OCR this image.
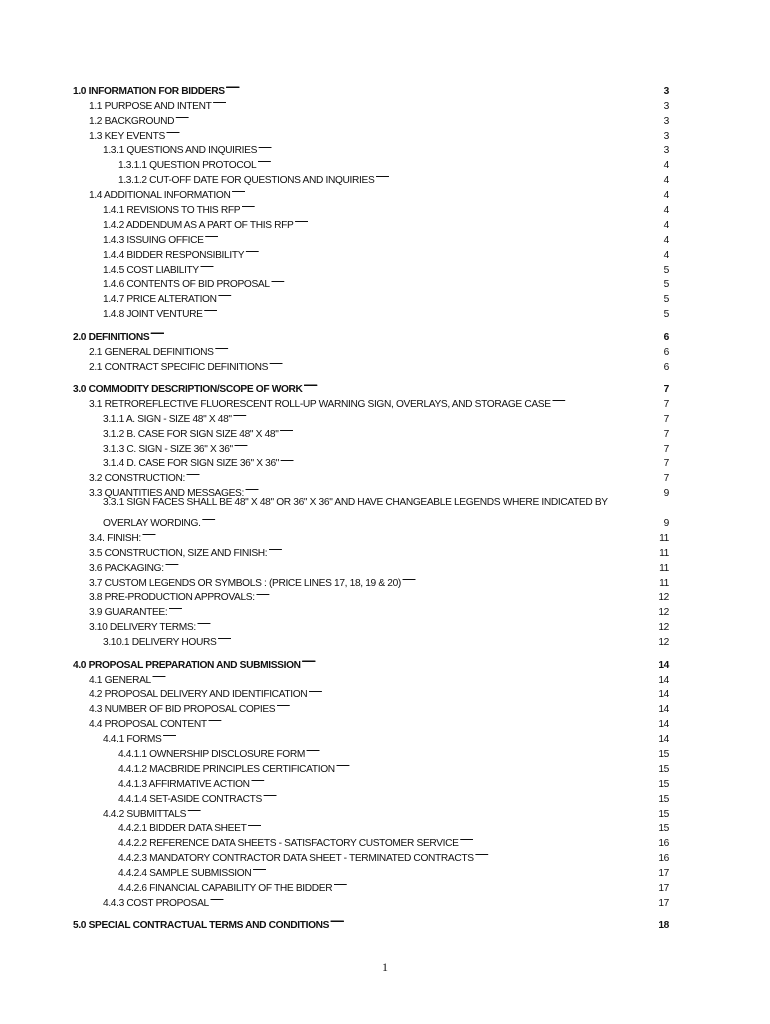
1.0 INFORMATION FOR BIDDERS . . .	3
1.1 PURPOSE AND INTENT . . .	3
1.2 BACKGROUND . . .	3
1.3 KEY EVENTS . . .	3
1.3.1 QUESTIONS AND INQUIRIES . . .	3
1.3.1.1 QUESTION PROTOCOL . . .	4
1.3.1.2 CUT-OFF DATE FOR QUESTIONS AND INQUIRIES . . .	4
1.4 ADDITIONAL INFORMATION . . .	4
1.4.1 REVISIONS TO THIS RFP . . .	4
1.4.2 ADDENDUM AS A PART OF THIS RFP . . .	4
1.4.3 ISSUING OFFICE . . .	4
1.4.4 BIDDER RESPONSIBILITY . . .	4
1.4.5 COST LIABILITY . . .	5
1.4.6 CONTENTS OF BID PROPOSAL . . .	5
1.4.7 PRICE ALTERATION . . .	5
1.4.8 JOINT VENTURE . . .	5
2.0 DEFINITIONS . . .	6
2.1 GENERAL DEFINITIONS . . .	6
2.1 CONTRACT SPECIFIC DEFINITIONS . . .	6
3.0 COMMODITY DESCRIPTION/SCOPE OF WORK . . .	7
3.1 RETROREFLECTIVE FLUORESCENT ROLL-UP WARNING SIGN, OVERLAYS, AND STORAGE CASE . . .	7
3.1.1 A. SIGN - SIZE 48" X 48" . . .	7
3.1.2 B. CASE FOR SIGN SIZE 48" X 48" . . .	7
3.1.3 C. SIGN - SIZE 36" X 36" . . .	7
3.1.4 D. CASE FOR SIGN SIZE 36" X 36" . . .	7
3.2 CONSTRUCTION: . . .	7
3.3 QUANTITIES AND MESSAGES: . . .	9
3.3.1 SIGN FACES SHALL BE 48" X 48" OR 36" X 36" AND HAVE CHANGEABLE LEGENDS WHERE INDICATED BY
OVERLAY WORDING. . . .	9
3.4. FINISH: . . .	11
3.5 CONSTRUCTION, SIZE AND FINISH: . . .	11
3.6 PACKAGING: . . .	11
3.7 CUSTOM LEGENDS OR SYMBOLS : (PRICE LINES 17, 18, 19 & 20) . . .	11
3.8 PRE-PRODUCTION APPROVALS: . . .	12
3.9 GUARANTEE: . . .	12
3.10 DELIVERY TERMS: . . .	12
3.10.1 DELIVERY HOURS . . .	12
4.0 PROPOSAL PREPARATION AND SUBMISSION . . .	14
4.1 GENERAL . . .	14
4.2 PROPOSAL DELIVERY AND IDENTIFICATION . . .	14
4.3 NUMBER OF BID PROPOSAL COPIES . . .	14
4.4 PROPOSAL CONTENT . . .	14
4.4.1 FORMS . . .	14
4.4.1.1 OWNERSHIP DISCLOSURE FORM . . .	15
4.4.1.2 MACBRIDE PRINCIPLES CERTIFICATION . . .	15
4.4.1.3 AFFIRMATIVE ACTION . . .	15
4.4.1.4 SET-ASIDE CONTRACTS . . .	15
4.4.2 SUBMITTALS . . .	15
4.4.2.1 BIDDER DATA SHEET . . .	15
4.4.2.2 REFERENCE DATA SHEETS - SATISFACTORY CUSTOMER SERVICE . . .	16
4.4.2.3 MANDATORY CONTRACTOR DATA SHEET - TERMINATED CONTRACTS . . .	16
4.4.2.4 SAMPLE SUBMISSION . . .	17
4.4.2.6 FINANCIAL CAPABILITY OF THE BIDDER . . .	17
4.4.3 COST PROPOSAL . . .	17
5.0 SPECIAL CONTRACTUAL TERMS AND CONDITIONS . . .	18
1
